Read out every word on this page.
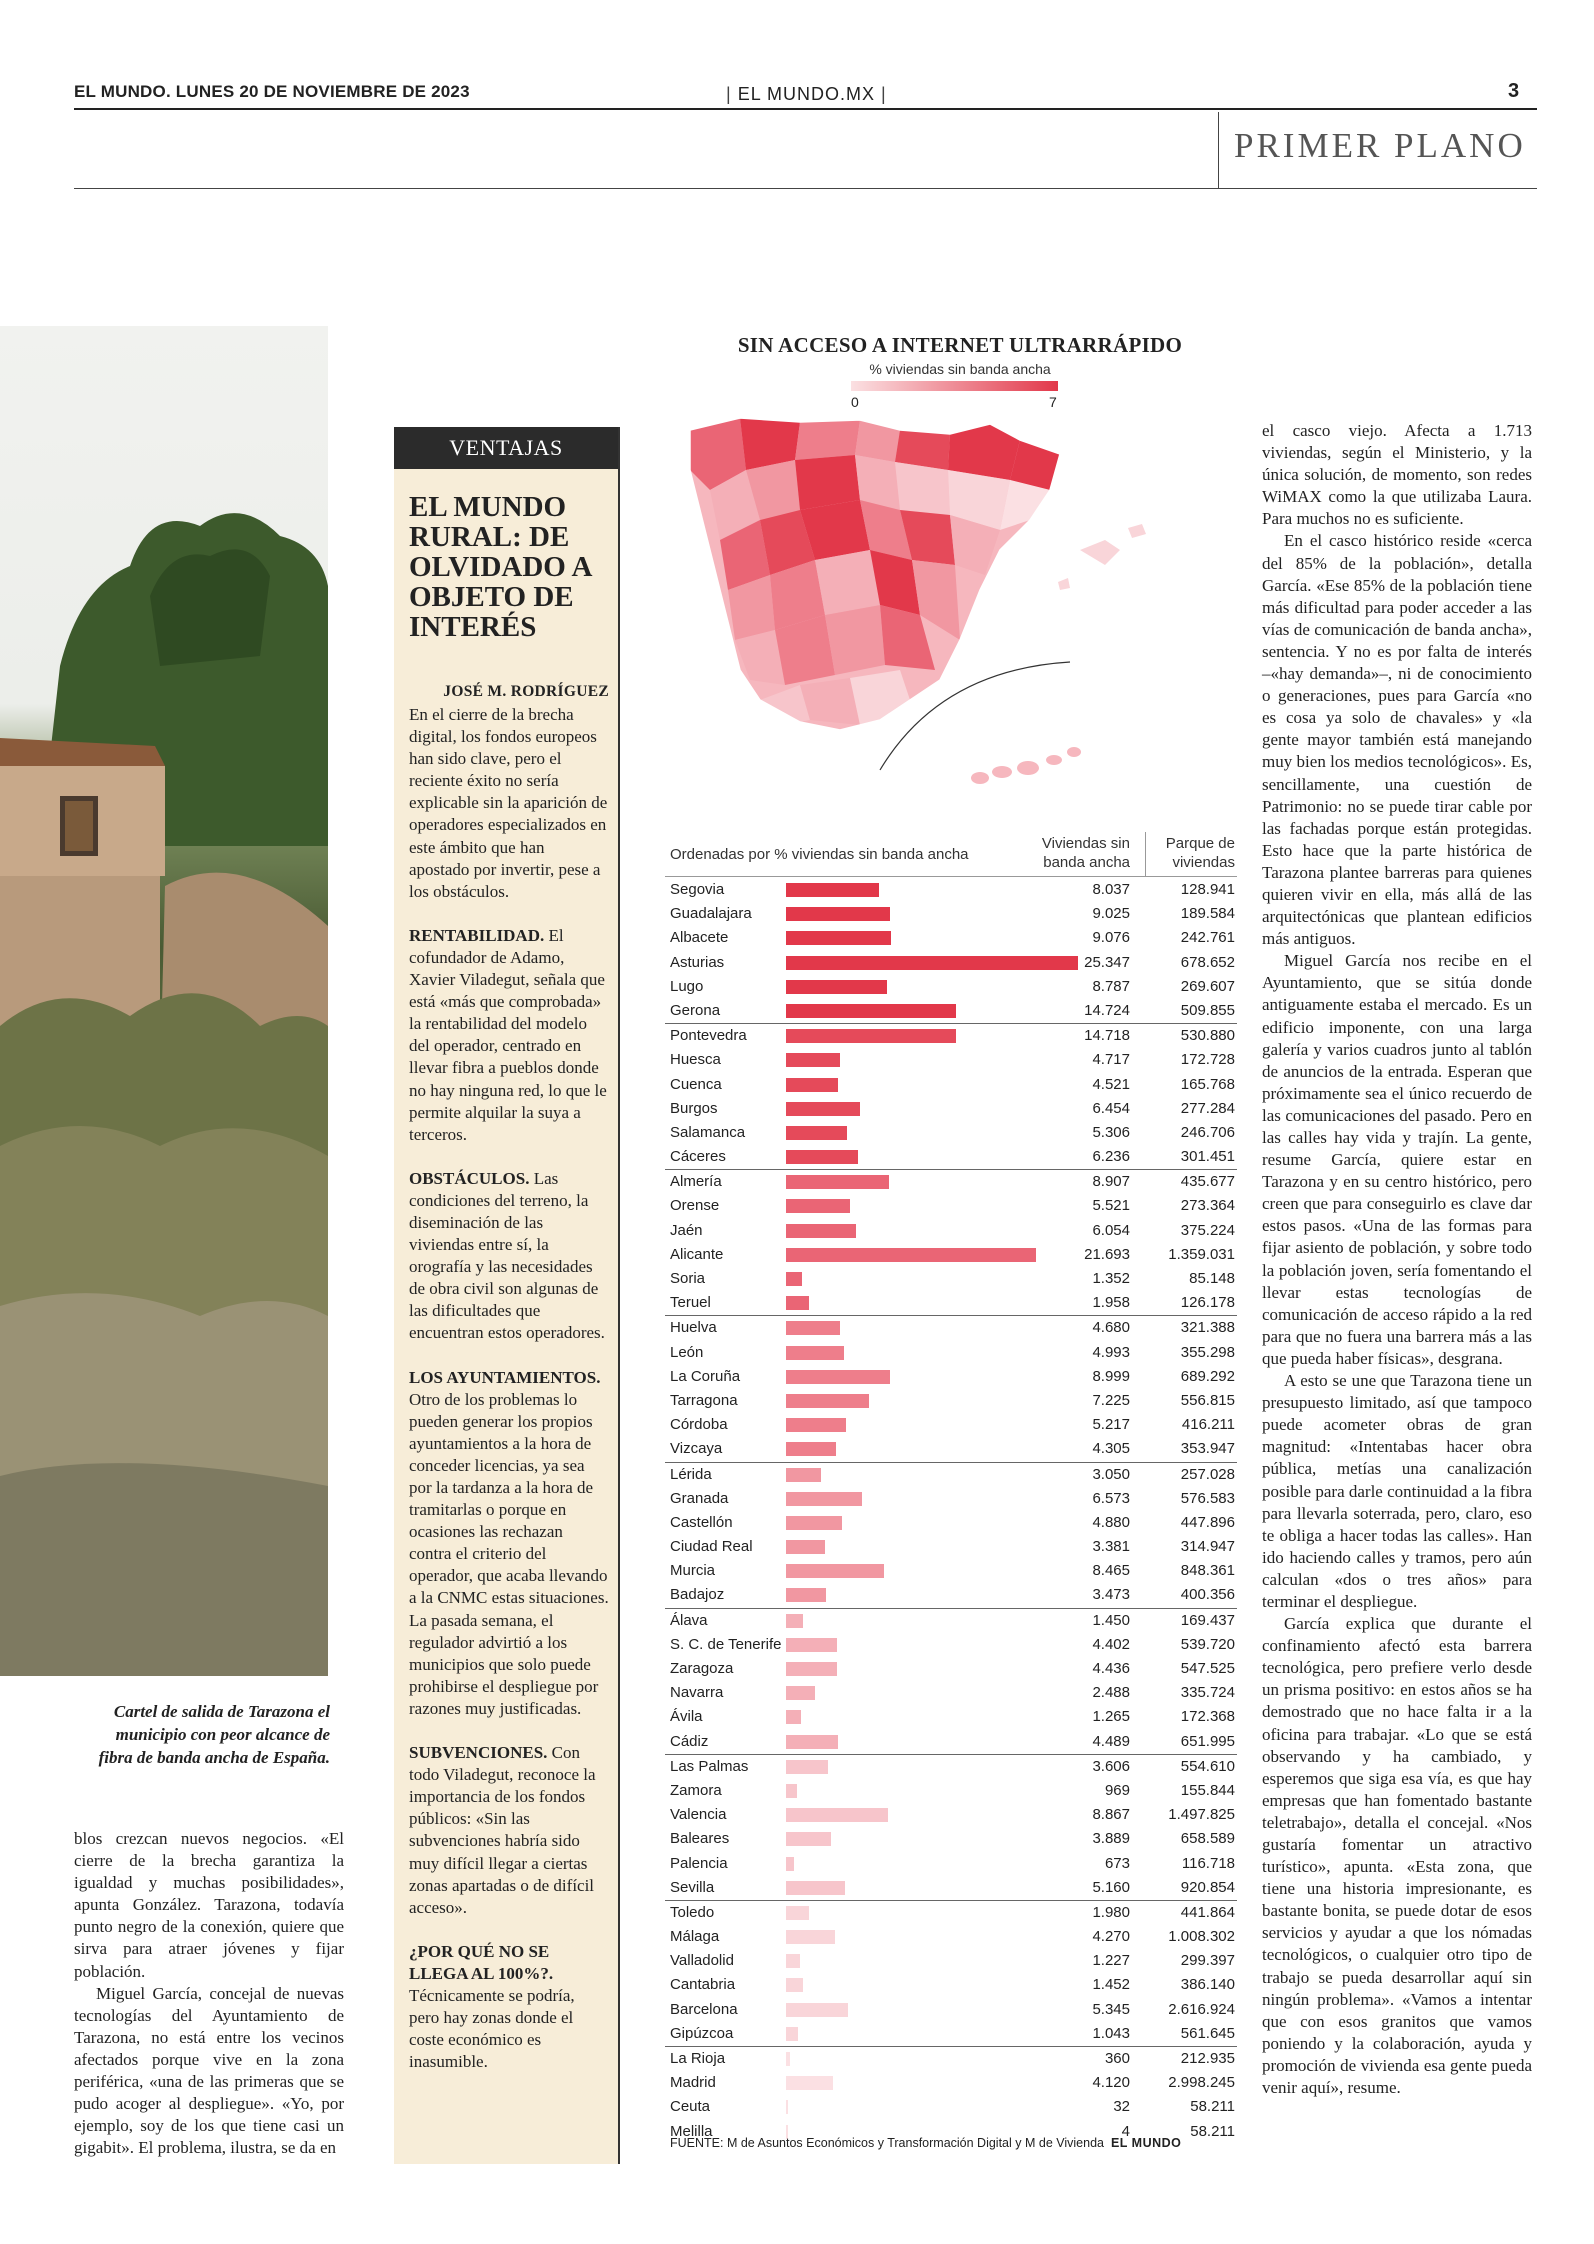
EL MUNDO. LUNES 20 DE NOVIEMBRE DE 2023	| EL MUNDO.MX |	3
PRIMER PLANO
Cartel de salida de Tarazona el municipio con peor alcance de fibra de banda ancha de España.

blos crezcan nuevos negocios. «El cierre de la brecha garantiza la igualdad y muchas posibilidades», apunta González. Tarazona, todavía punto negro de la conexión, quiere que sirva para atraer jóvenes y fijar población.

Miguel García, concejal de nuevas tecnologías del Ayuntamiento de Tarazona, no está entre los vecinos afectados porque vive en la zona periférica, «una de las primeras que se pudo acoger al despliegue». «Yo, por ejemplo, soy de los que tiene casi un gigabit». El problema, ilustra, se da en

VENTAJAS
EL MUNDO RURAL: DE OLVIDADO A OBJETO DE INTERÉS
JOSÉ M. RODRÍGUEZ

En el cierre de la brecha digital, los fondos europeos han sido clave, pero el reciente éxito no sería explicable sin la aparición de operadores especializados en este ámbito que han apostado por invertir, pese a los obstáculos.

RENTABILIDAD. El cofundador de Adamo, Xavier Viladegut, señala que está «más que comprobada» la rentabilidad del modelo del operador, centrado en llevar fibra a pueblos donde no hay ninguna red, lo que le permite alquilar la suya a terceros.

OBSTÁCULOS. Las condiciones del terreno, la diseminación de las viviendas entre sí, la orografía y las necesidades de obra civil son algunas de las dificultades que encuentran estos operadores.

LOS AYUNTAMIENTOS. Otro de los problemas lo pueden generar los propios ayuntamientos a la hora de conceder licencias, ya sea por la tardanza a la hora de tramitarlas o porque en ocasiones las rechazan contra el criterio del operador, que acaba llevando a la CNMC estas situaciones. La pasada semana, el regulador advirtió a los municipios que solo puede prohibirse el despliegue por razones muy justificadas.

SUBVENCIONES. Con todo Viladegut, reconoce la importancia de los fondos públicos: «Sin las subvenciones habría sido muy difícil llegar a ciertas zonas apartadas o de difícil acceso».

¿POR QUÉ NO SE LLEGA AL 100%?. Técnicamente se podría, pero hay zonas donde el coste económico es inasumible.

SIN ACCESO A INTERNET ULTRARRÁPIDO
% viviendas sin banda ancha
0	7
Ordenadas por % viviendas sin banda ancha
Viviendas sin banda ancha
Parque de viviendas
Segovia	8.037	128.941
Guadalajara	9.025	189.584
Albacete	9.076	242.761
Asturias	25.347	678.652
Lugo	8.787	269.607
Gerona	14.724	509.855
Pontevedra	14.718	530.880
Huesca	4.717	172.728
Cuenca	4.521	165.768
Burgos	6.454	277.284
Salamanca	5.306	246.706
Cáceres	6.236	301.451
Almería	8.907	435.677
Orense	5.521	273.364
Jaén	6.054	375.224
Alicante	21.693	1.359.031
Soria	1.352	85.148
Teruel	1.958	126.178
Huelva	4.680	321.388
León	4.993	355.298
La Coruña	8.999	689.292
Tarragona	7.225	556.815
Córdoba	5.217	416.211
Vizcaya	4.305	353.947
Lérida	3.050	257.028
Granada	6.573	576.583
Castellón	4.880	447.896
Ciudad Real	3.381	314.947
Murcia	8.465	848.361
Badajoz	3.473	400.356
Álava	1.450	169.437
S. C. de Tenerife	4.402	539.720
Zaragoza	4.436	547.525
Navarra	2.488	335.724
Ávila	1.265	172.368
Cádiz	4.489	651.995
Las Palmas	3.606	554.610
Zamora	969	155.844
Valencia	8.867	1.497.825
Baleares	3.889	658.589
Palencia	673	116.718
Sevilla	5.160	920.854
Toledo	1.980	441.864
Málaga	4.270	1.008.302
Valladolid	1.227	299.397
Cantabria	1.452	386.140
Barcelona	5.345	2.616.924
Gipúzcoa	1.043	561.645
La Rioja	360	212.935
Madrid	4.120	2.998.245
Ceuta	32	58.211
Melilla	4	58.211
FUENTE: M de Asuntos Económicos y Transformación Digital y M de Vivienda EL MUNDO

el casco viejo. Afecta a 1.713 viviendas, según el Ministerio, y la única solución, de momento, son redes WiMAX como la que utilizaba Laura. Para muchos no es suficiente.

En el casco histórico reside «cerca del 85% de la población», detalla García. «Ese 85% de la población tiene más dificultad para poder acceder a las vías de comunicación de banda ancha», sentencia. Y no es por falta de interés –«hay demanda»–, ni de conocimiento o generaciones, pues para García «no es cosa ya solo de chavales» y «la gente mayor también está manejando muy bien los medios tecnológicos». Es, sencillamente, una cuestión de Patrimonio: no se puede tirar cable por las fachadas porque están protegidas. Esto hace que la parte histórica de Tarazona plantee barreras para quienes quieren vivir en ella, más allá de las arquitectónicas que plantean edificios más antiguos.

Miguel García nos recibe en el Ayuntamiento, que se sitúa donde antiguamente estaba el mercado. Es un edificio imponente, con una larga galería y varios cuadros junto al tablón de anuncios de la entrada. Esperan que próximamente sea el único recuerdo de las comunicaciones del pasado. Pero en las calles hay vida y trajín. La gente, resume García, quiere estar en Tarazona y en su centro histórico, pero creen que para conseguirlo es clave dar estos pasos. «Una de las formas para fijar asiento de población, y sobre todo la población joven, sería fomentando el llevar estas tecnologías de comunicación de acceso rápido a la red para que no fuera una barrera más a las que pueda haber físicas», desgrana.

A esto se une que Tarazona tiene un presupuesto limitado, así que tampoco puede acometer obras de gran magnitud: «Intentabas hacer obra pública, metías una canalización posible para darle continuidad a la fibra para llevarla soterrada, pero, claro, eso te obliga a hacer todas las calles». Han ido haciendo calles y tramos, pero aún calculan «dos o tres años» para terminar el despliegue.

García explica que durante el confinamiento afectó esta barrera tecnológica, pero prefiere verlo desde un prisma positivo: en estos años se ha demostrado que no hace falta ir a la oficina para trabajar. «Lo que se está observando y ha cambiado, y esperemos que siga esa vía, es que hay empresas que han fomentado bastante teletrabajo», detalla el concejal. «Nos gustaría fomentar un atractivo turístico», apunta. «Esta zona, que tiene una historia impresionante, es bastante bonita, se puede dotar de esos servicios y ayudar a que los nómadas tecnológicos, o cualquier otro tipo de trabajo se pueda desarrollar aquí sin ningún problema». «Vamos a intentar que con esos granitos que vamos poniendo y la colaboración, ayuda y promoción de vivienda esa gente pueda venir aquí», resume.
